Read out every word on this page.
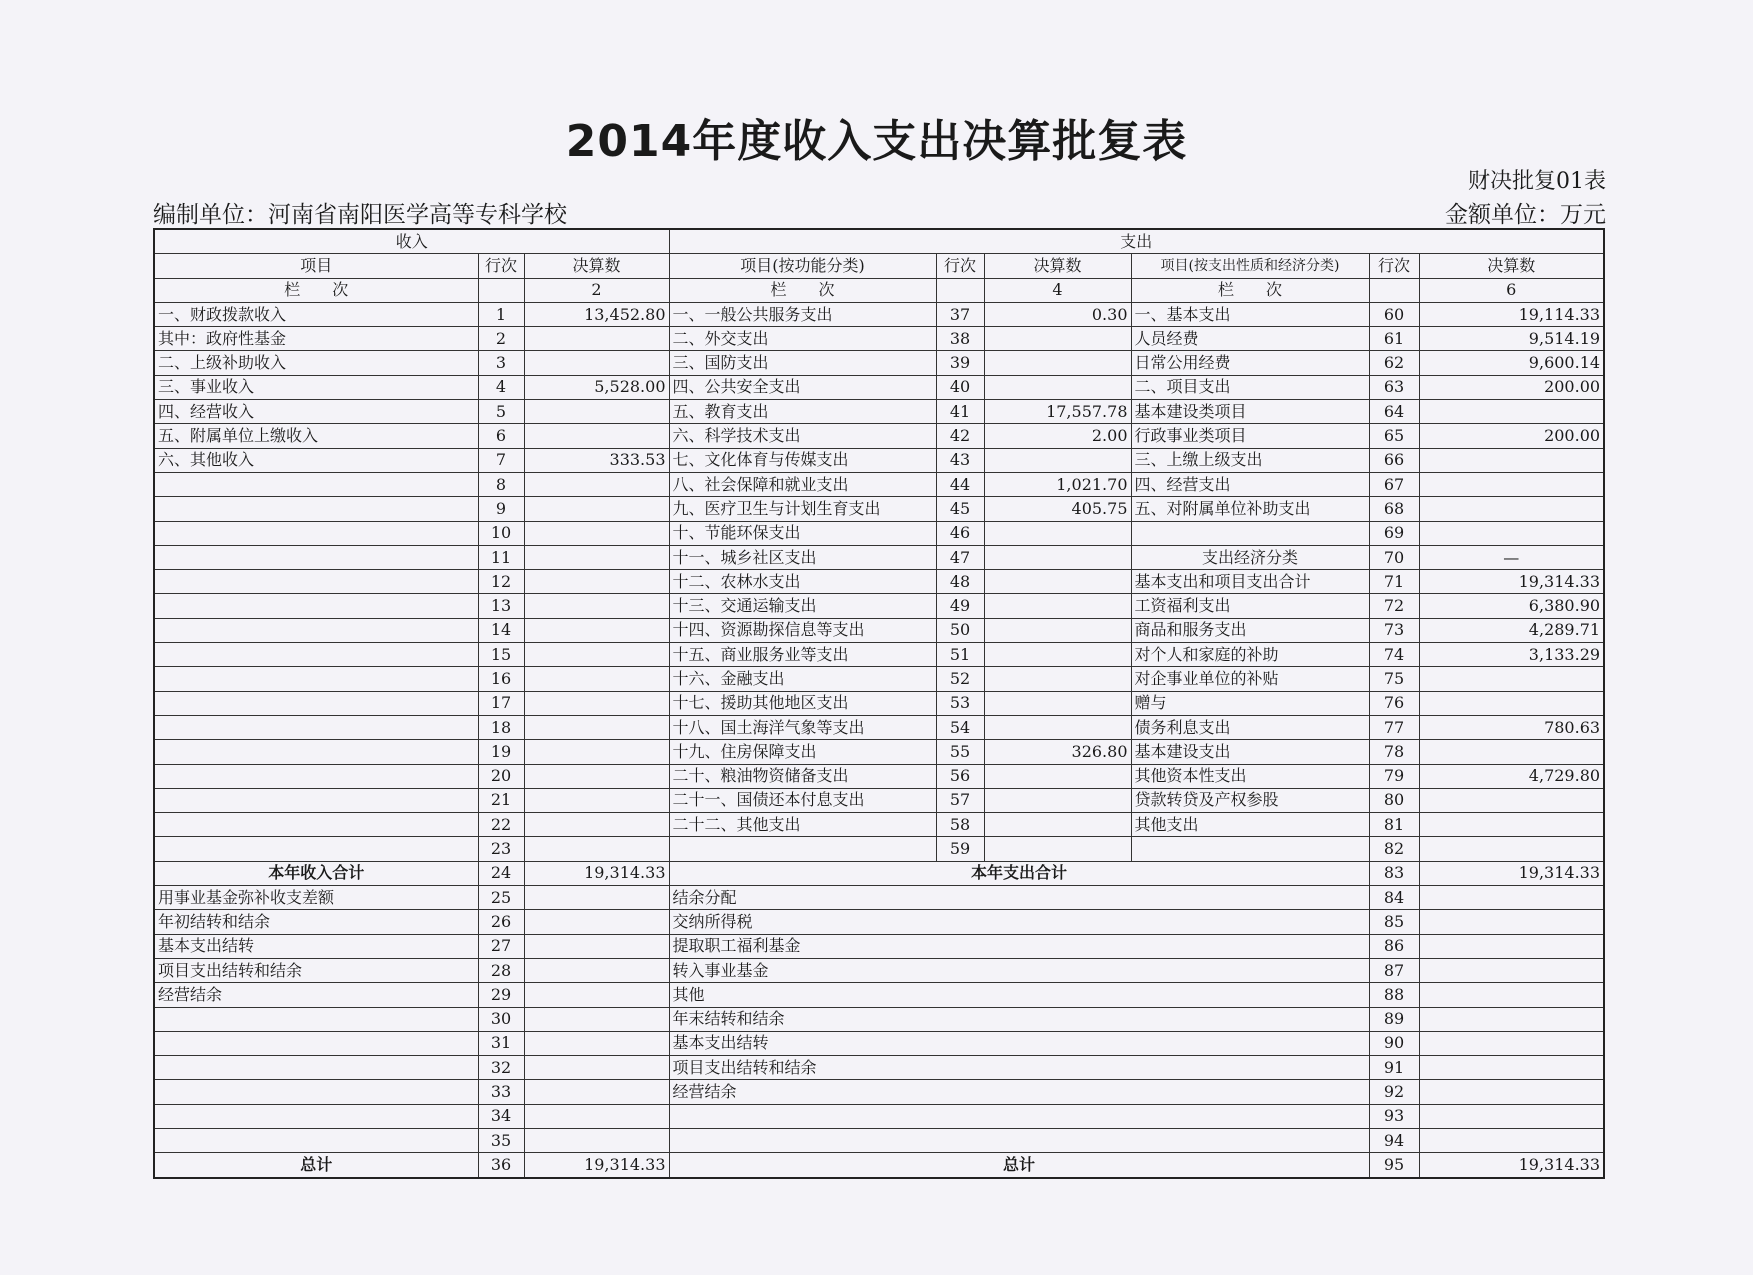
2014年度收入支出决算批复表
财决批复01表
编制单位：河南省南阳医学高等专科学校	金额单位：万元
收入			支出					
项目	行次	决算数	项目(按功能分类)	行次	决算数	项目(按支出性质和经济分类)	行次	决算数
栏　　次		2	栏　　次		4	栏　　次		6
一、财政拨款收入	1	13,452.80	一、一般公共服务支出	37	0.30	一、基本支出	60	19,114.33
其中：政府性基金	2		二、外交支出	38		人员经费	61	9,514.19
二、上级补助收入	3		三、国防支出	39		日常公用经费	62	9,600.14
三、事业收入	4	5,528.00	四、公共安全支出	40		二、项目支出	63	200.00
四、经营收入	5		五、教育支出	41	17,557.78	基本建设类项目	64	
五、附属单位上缴收入	6		六、科学技术支出	42	2.00	行政事业类项目	65	200.00
六、其他收入	7	333.53	七、文化体育与传媒支出	43		三、上缴上级支出	66	
	8		八、社会保障和就业支出	44	1,021.70	四、经营支出	67	
	9		九、医疗卫生与计划生育支出	45	405.75	五、对附属单位补助支出	68	
	10		十、节能环保支出	46			69	
	11		十一、城乡社区支出	47		支出经济分类	70	—
	12		十二、农林水支出	48		基本支出和项目支出合计	71	19,314.33
	13		十三、交通运输支出	49		工资福利支出	72	6,380.90
	14		十四、资源勘探信息等支出	50		商品和服务支出	73	4,289.71
	15		十五、商业服务业等支出	51		对个人和家庭的补助	74	3,133.29
	16		十六、金融支出	52		对企事业单位的补贴	75	
	17		十七、援助其他地区支出	53		赠与	76	
	18		十八、国土海洋气象等支出	54		债务利息支出	77	780.63
	19		十九、住房保障支出	55	326.80	基本建设支出	78	
	20		二十、粮油物资储备支出	56		其他资本性支出	79	4,729.80
	21		二十一、国债还本付息支出	57		贷款转贷及产权参股	80	
	22		二十二、其他支出	58		其他支出	81	
	23			59			82	
本年收入合计	24	19,314.33	本年支出合计				83	19,314.33
用事业基金弥补收支差额	25		结余分配				84	
年初结转和结余	26		交纳所得税				85	
基本支出结转	27		提取职工福利基金				86	
项目支出结转和结余	28		转入事业基金				87	
经营结余	29		其他				88	
	30		年末结转和结余				89	
	31		基本支出结转				90	
	32		项目支出结转和结余				91	
	33		经营结余				92	
	34						93	
	35						94	
总计	36	19,314.33	总计				95	19,314.33
